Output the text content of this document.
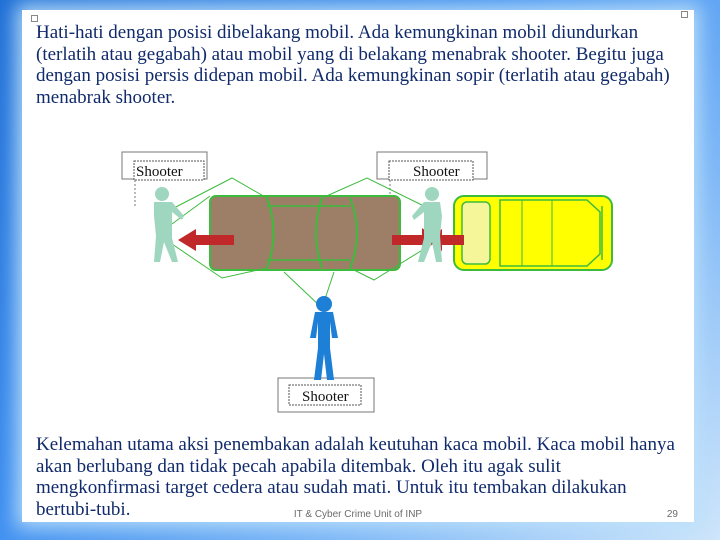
Hati-hati dengan posisi dibelakang mobil. Ada kemungkinan mobil diundurkan (terlatih atau gegabah) atau mobil yang di belakang menabrak shooter. Begitu juga dengan posisi persis didepan mobil. Ada kemungkinan sopir (terlatih atau gegabah) menabrak shooter.
Shooter	Shooter
Shooter
Kelemahan utama aksi penembakan adalah keutuhan kaca mobil. Kaca mobil hanya akan berlubang dan tidak pecah apabila ditembak. Oleh itu agak sulit mengkonfirmasi target cedera atau sudah mati. Untuk itu tembakan dilakukan bertubi-tubi.	IT & Cyber Crime Unit of INP	29
